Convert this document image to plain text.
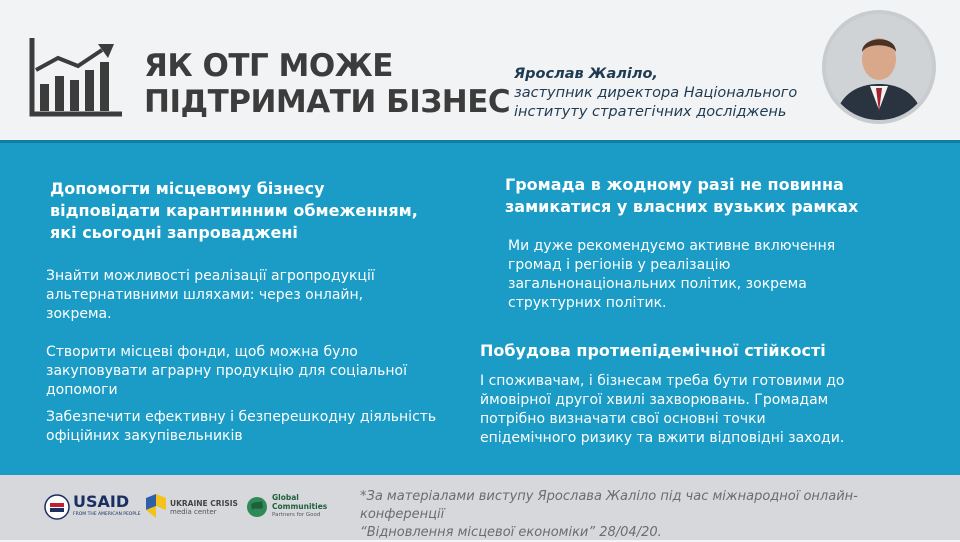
ЯК ОТГ МОЖЕ
ПІДТРИМАТИ БІЗНЕС
Ярослав Жаліло,
заступник директора Національного
інституту стратегічних досліджень
Допомогти місцевому бізнесу відповідати карантинним обмеженням, які сьогодні запроваджені
Знайти можливості реалізації агропродукції альтернативними шляхами: через онлайн, зокрема.
Створити місцеві фонди, щоб можна було закуповувати аграрну продукцію для соціальної допомоги
Забезпечити ефективну і безперешкодну діяльність офіційних закупівельників
Громада в жодному разі не повинна замикатися у власних вузьких рамках
Ми дуже рекомендуємо активне включення громад і регіонів у реалізацію загальнонаціональних політик, зокрема структурних політик.
Побудова протиепідемічної стійкості
І споживачам, і бізнесам треба бути готовими до ймовірної другої хвилі захворювань. Громадам потрібно визначати свої основні точки епідемічного ризику та вжити відповідні заходи.
USAID
FROM THE AMERICAN PEOPLE
UKRAINE CRISIS
media center
Global
Communities
Partners for Good
*За матеріалами виступу Ярослава Жаліло під час міжнародної онлайн-конференції
“Відновлення місцевої економіки” 28/04/20.
